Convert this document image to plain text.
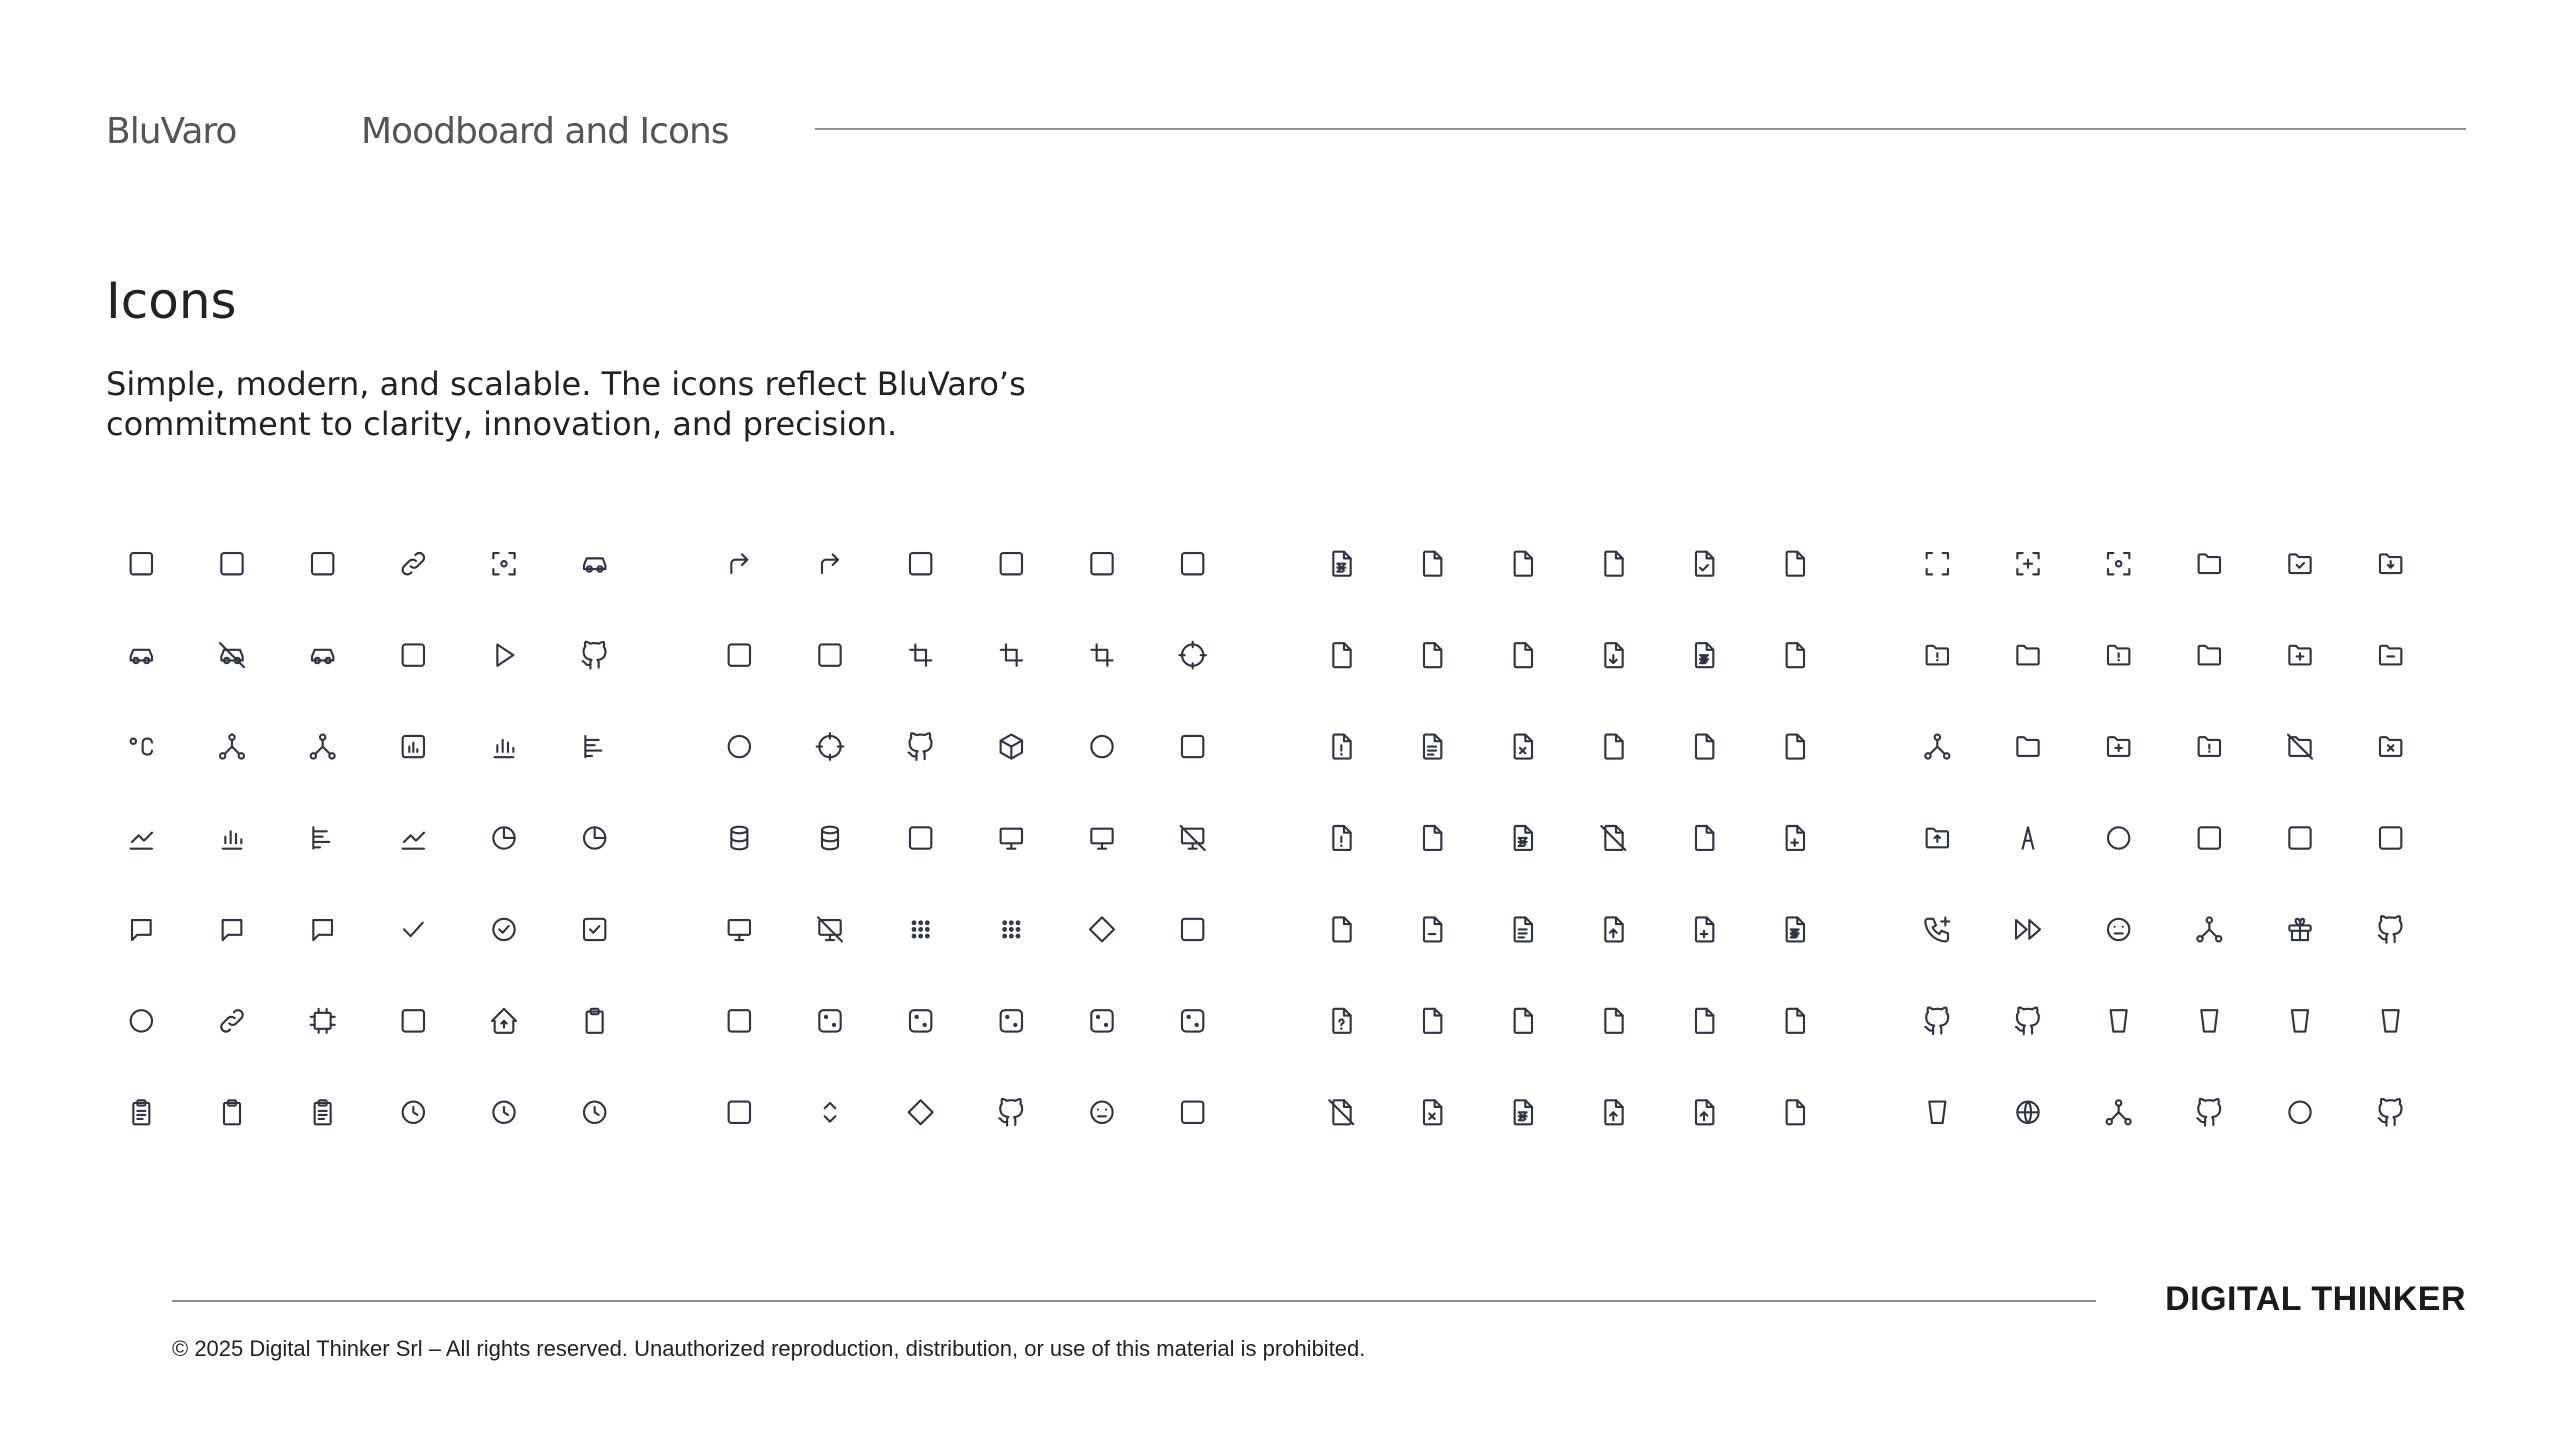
BluVaro	Moodboard and Icons
Icons

Simple, modern, and scalable. The icons reflect BluVaro’s commitment to clarity, innovation, and precision.

DIGITAL THINKER
© 2025 Digital Thinker Srl – All rights reserved. Unauthorized reproduction, distribution, or use of this material is prohibited.
